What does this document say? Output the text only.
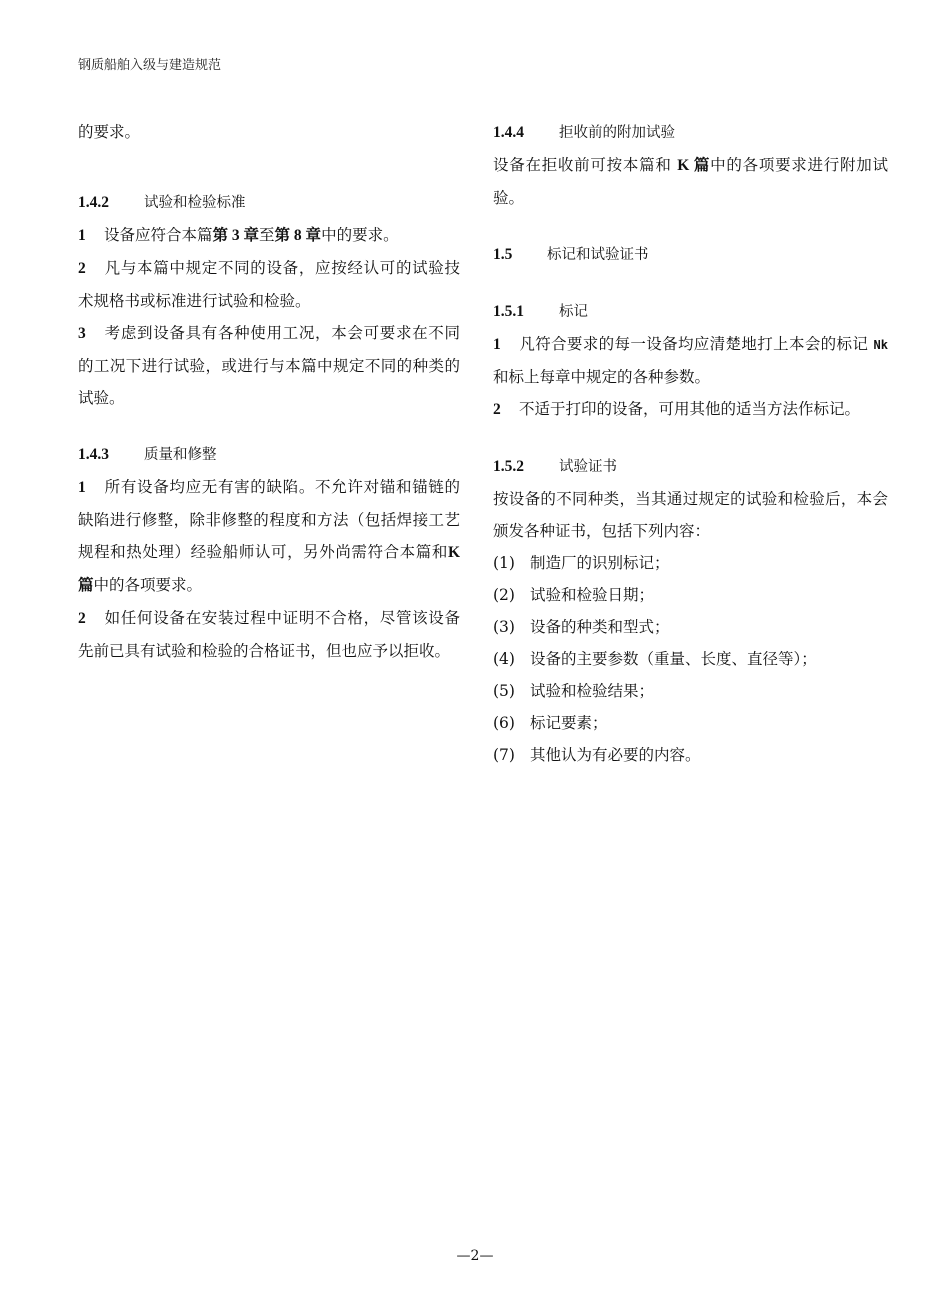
钢质船舶入级与建造规范

的要求。

1.4.2 试验和检验标准

1 设备应符合本篇第 3 章至第 8 章中的要求。

2 凡与本篇中规定不同的设备，应按经认可的试验技术规格书或标准进行试验和检验。

3 考虑到设备具有各种使用工况，本会可要求在不同的工况下进行试验，或进行与本篇中规定不同的种类的试验。

1.4.3 质量和修整

1 所有设备均应无有害的缺陷。不允许对锚和锚链的缺陷进行修整，除非修整的程度和方法（包括焊接工艺规程和热处理）经验船师认可，另外尚需符合本篇和K 篇中的各项要求。

2 如任何设备在安装过程中证明不合格，尽管该设备先前已具有试验和检验的合格证书，但也应予以拒收。

1.4.4 拒收前的附加试验

设备在拒收前可按本篇和 K 篇中的各项要求进行附加试验。

1.5 标记和试验证书
1.5.1 标记

1 凡符合要求的每一设备均应清楚地打上本会的标记 Nk 和标上每章中规定的各种参数。

2 不适于打印的设备，可用其他的适当方法作标记。

1.5.2 试验证书

按设备的不同种类，当其通过规定的试验和检验后，本会颁发各种证书，包括下列内容：

(1) 制造厂的识别标记；
(2) 试验和检验日期；
(3) 设备的种类和型式；
(4) 设备的主要参数（重量、长度、直径等）；
(5) 试验和检验结果；
(6) 标记要素；
(7) 其他认为有必要的内容。
—2—
